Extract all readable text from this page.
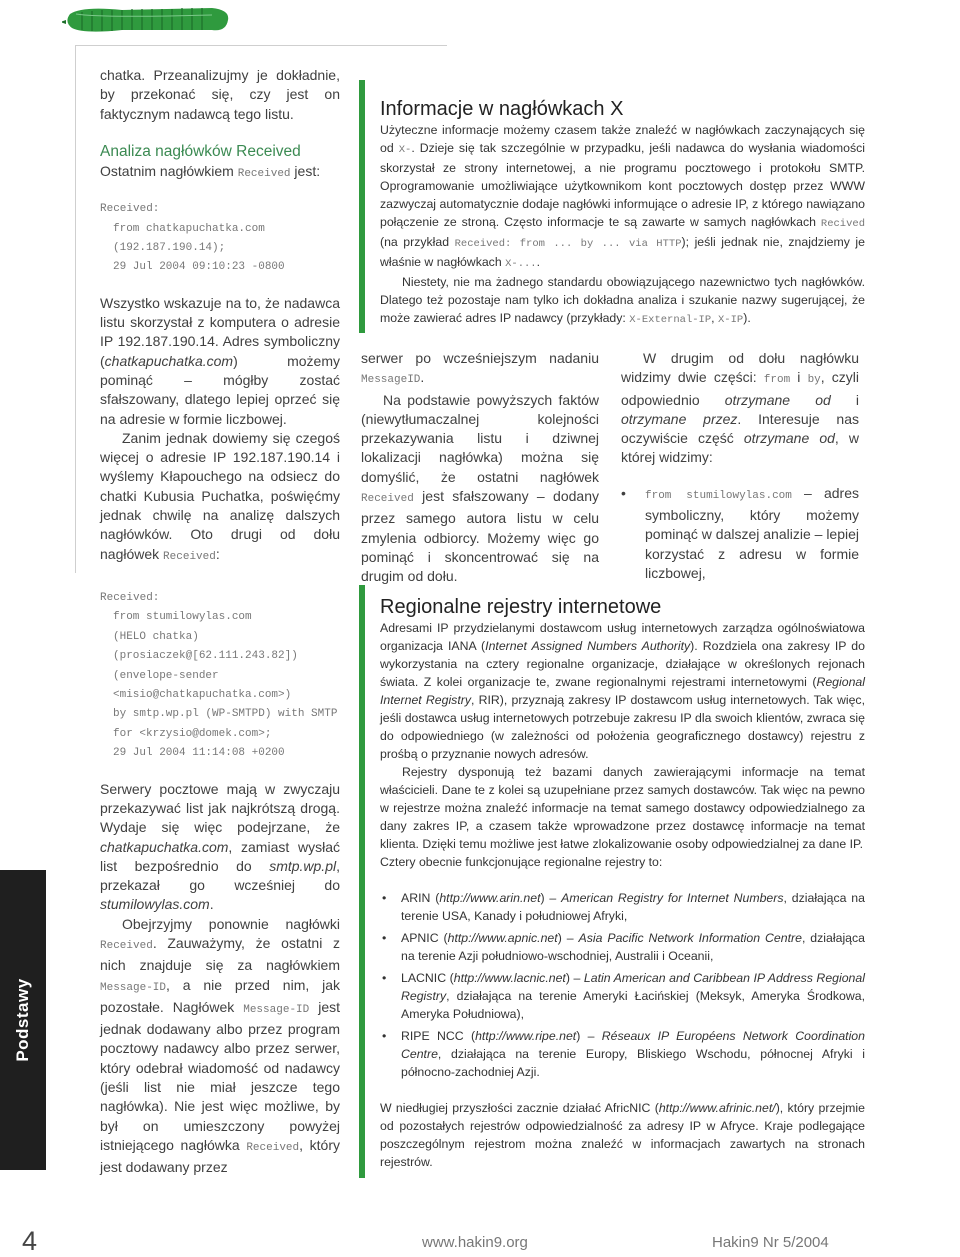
chatka. Przeanalizujmy je dokładnie, by przekonać się, czy jest on faktycznym nadawcą tego listu.

Analiza nagłówków Received

Ostatnim nagłówkiem Received jest:

Received:
from chatkapuchatka.com
(192.187.190.14);
29 Jul 2004 09:10:23 -0800

Wszystko wskazuje na to, że nadawca listu skorzystał z komputera o adresie IP 192.187.190.14. Adres symboliczny (chatkapuchatka.com) możemy pominąć – mógłby zostać sfałszowany, dlatego lepiej oprzeć się na adresie w formie liczbowej.

Zanim jednak dowiemy się czegoś więcej o adresie IP 192.187.190.14 i wyślemy Kłapouchego na odsiecz do chatki Kubusia Puchatka, poświęćmy jednak chwilę na analizę dalszych nagłówków. Oto drugi od dołu nagłówek Received:

Received:
from stumilowylas.com
(HELO chatka)
(prosiaczek@[62.111.243.82])
(envelope-sender
<misio@chatkapuchatka.com>)
by smtp.wp.pl (WP-SMTPD) with SMTP
for <krzysio@domek.com>;
29 Jul 2004 11:14:08 +0200

Serwery pocztowe mają w zwyczaju przekazywać list jak najkrótszą drogą. Wydaje się więc podejrzane, że chatkapuchatka.com, zamiast wysłać list bezpośrednio do smtp.wp.pl, przekazał go wcześniej do stumilowylas.com.

Obejrzyjmy ponownie nagłówki Received. Zauważymy, że ostatni z nich znajduje się za nagłówkiem Message-ID, a nie przed nim, jak pozostałe. Nagłówek Message-ID jest jednak dodawany albo przez program pocztowy nadawcy albo przez serwer, który odebrał wiadomość od nadawcy (jeśli list nie miał jeszcze tego nagłówka). Nie jest więc możliwe, by był on umieszczony powyżej istniejącego nagłówka Received, który jest dodawany przez

Podstawy
Informacje w nagłówkach X

Użyteczne informacje możemy czasem także znaleźć w nagłówkach zaczynających się od X-. Dzieje się tak szczególnie w przypadku, jeśli nadawca do wysłania wiadomości skorzystał ze strony internetowej, a nie programu pocztowego i protokołu SMTP. Oprogramowanie umożliwiające użytkownikom kont pocztowych dostęp przez WWW zazwyczaj automatycznie dodaje nagłówki informujące o adresie IP, z którego nawiązano połączenie ze stroną. Często informacje te są zawarte w samych nagłówkach Recived (na przykład Received: from ... by ... via HTTP); jeśli jednak nie, znajdziemy je właśnie w nagłówkach X-....

Niestety, nie ma żadnego standardu obowiązującego nazewnictwo tych nagłówków. Dlatego też pozostaje nam tylko ich dokładna analiza i szukanie nazwy sugerującej, że może zawierać adres IP nadawcy (przykłady: X-External-IP, X-IP).

serwer po wcześniejszym nadaniu MessageID.

Na podstawie powyższych faktów (niewytłumaczalnej kolejności przekazywania listu i dziwnej lokalizacji nagłówka) można się domyślić, że ostatni nagłówek Received jest sfałszowany – dodany przez samego autora listu w celu zmylenia odbiorcy. Możemy więc go pominąć i skoncentrować się na drugim od dołu.

W drugim od dołu nagłówku widzimy dwie części: from i by, czyli odpowiednio otrzymane od i otrzymane przez. Interesuje nas oczywiście część otrzymane od, w której widzimy:

• from stumilowylas.com – adres symboliczny, który możemy pominąć w dalszej analizie – lepiej korzystać z adresu w formie liczbowej,
Regionalne rejestry internetowe

Adresami IP przydzielanymi dostawcom usług internetowych zarządza ogólnoświatowa organizacja IANA (Internet Assigned Numbers Authority). Rozdziela ona zakresy IP do wykorzystania na cztery regionalne organizacje, działające w określonych rejonach świata. Z kolei organizacje te, zwane regionalnymi rejestrami internetowymi (Regional Internet Registry, RIR), przyznają zakresy IP dostawcom usług internetowych. Tak więc, jeśli dostawca usług internetowych potrzebuje zakresu IP dla swoich klientów, zwraca się do odpowiedniego (w zależności od położenia geograficznego dostawcy) rejestru z prośbą o przyznanie nowych adresów.

Rejestry dysponują też bazami danych zawierającymi informacje na temat właścicieli. Dane te z kolei są uzupełniane przez samych dostawców. Tak więc na pewno w rejestrze można znaleźć informacje na temat samego dostawcy odpowiedzialnego za dany zakres IP, a czasem także wprowadzone przez dostawcę informacje na temat klienta. Dzięki temu możliwe jest łatwe zlokalizowanie osoby odpowiedzialnej za dane IP.

Cztery obecnie funkcjonujące regionalne rejestry to:

• ARIN (http://www.arin.net) – American Registry for Internet Numbers, działająca na terenie USA, Kanady i południowej Afryki,
• APNIC (http://www.apnic.net) – Asia Pacific Network Information Centre, działająca na terenie Azji południowo-wschodniej, Australii i Oceanii,
• LACNIC (http://www.lacnic.net) – Latin American and Caribbean IP Address Regional Registry, działająca na terenie Ameryki Łacińskiej (Meksyk, Ameryka Środkowa, Ameryka Południowa),
• RIPE NCC (http://www.ripe.net) – Réseaux IP Européens Network Coordination Centre, działająca na terenie Europy, Bliskiego Wschodu, północnej Afryki i północno-zachodniej Azji.

W niedługiej przyszłości zacznie działać AfricNIC (http://www.afrinic.net/), który przejmie od pozostałych rejestrów odpowiedzialność za adresy IP w Afryce. Kraje podlegające poszczególnym rejestrom można znaleźć w informacjach zawartych na stronach rejestrów.

4	www.hakin9.org	Hakin9 Nr 5/2004
